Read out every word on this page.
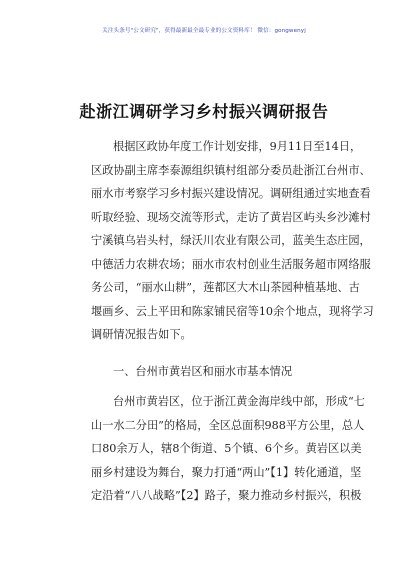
关注头条号"公文研究"，获得最新最全最专业的公文资料库！ 微信：gongwenyj
赴浙江调研学习乡村振兴调研报告
根据区政协年度工作计划安排，9月11日至14日，
区政协副主席李泰源组织镇村组部分委员赴浙江台州市、
丽水市考察学习乡村振兴建设情况。调研组通过实地查看
听取经验、现场交流等形式，走访了黄岩区屿头乡沙滩村
宁溪镇乌岩头村，绿沃川农业有限公司，蓝美生态庄园，
中德活力农耕农场；丽水市农村创业生活服务超市网络服
务公司，“丽水山耕”，莲都区大木山茶园种植基地、古
堰画乡、云上平田和陈家铺民宿等10余个地点，现将学习
调研情况报告如下。
一、台州市黄岩区和丽水市基本情况
台州市黄岩区，位于浙江黄金海岸线中部，形成“七
山一水二分田”的格局，全区总面积988平方公里，总人
口80余万人，辖8个街道、5个镇、6个乡。黄岩区以美
丽乡村建设为舞台，聚力打通“两山”【1】转化通道，坚
定沿着“八八战略”【2】路子，聚力推动乡村振兴，积极
